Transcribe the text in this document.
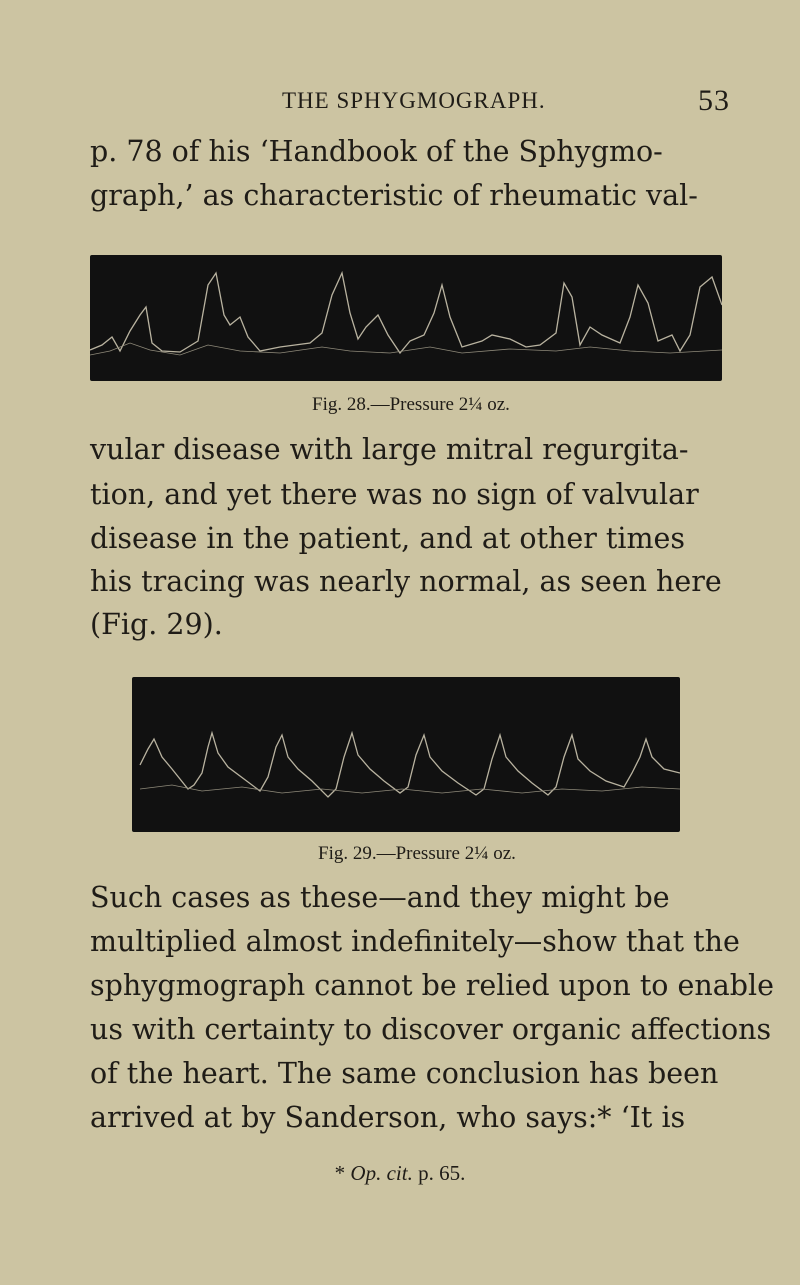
THE SPHYGMOGRAPH.	53
p. 78 of his ‘Handbook of the Sphygmo-
graph,’ as characteristic of rheumatic val-
Fig. 28.—Pressure 2¼ oz.
vular disease with large mitral regurgita-
tion, and yet there was no sign of valvular
disease in the patient, and at other times
his tracing was nearly normal, as seen here
(Fig. 29).
Fig. 29.—Pressure 2¼ oz.
Such cases as these—and they might be
multiplied almost indefinitely—show that the
sphygmograph cannot be relied upon to enable
us with certainty to discover organic affections
of the heart. The same conclusion has been
arrived at by Sanderson, who says:* ‘It is
* Op. cit. p. 65.
